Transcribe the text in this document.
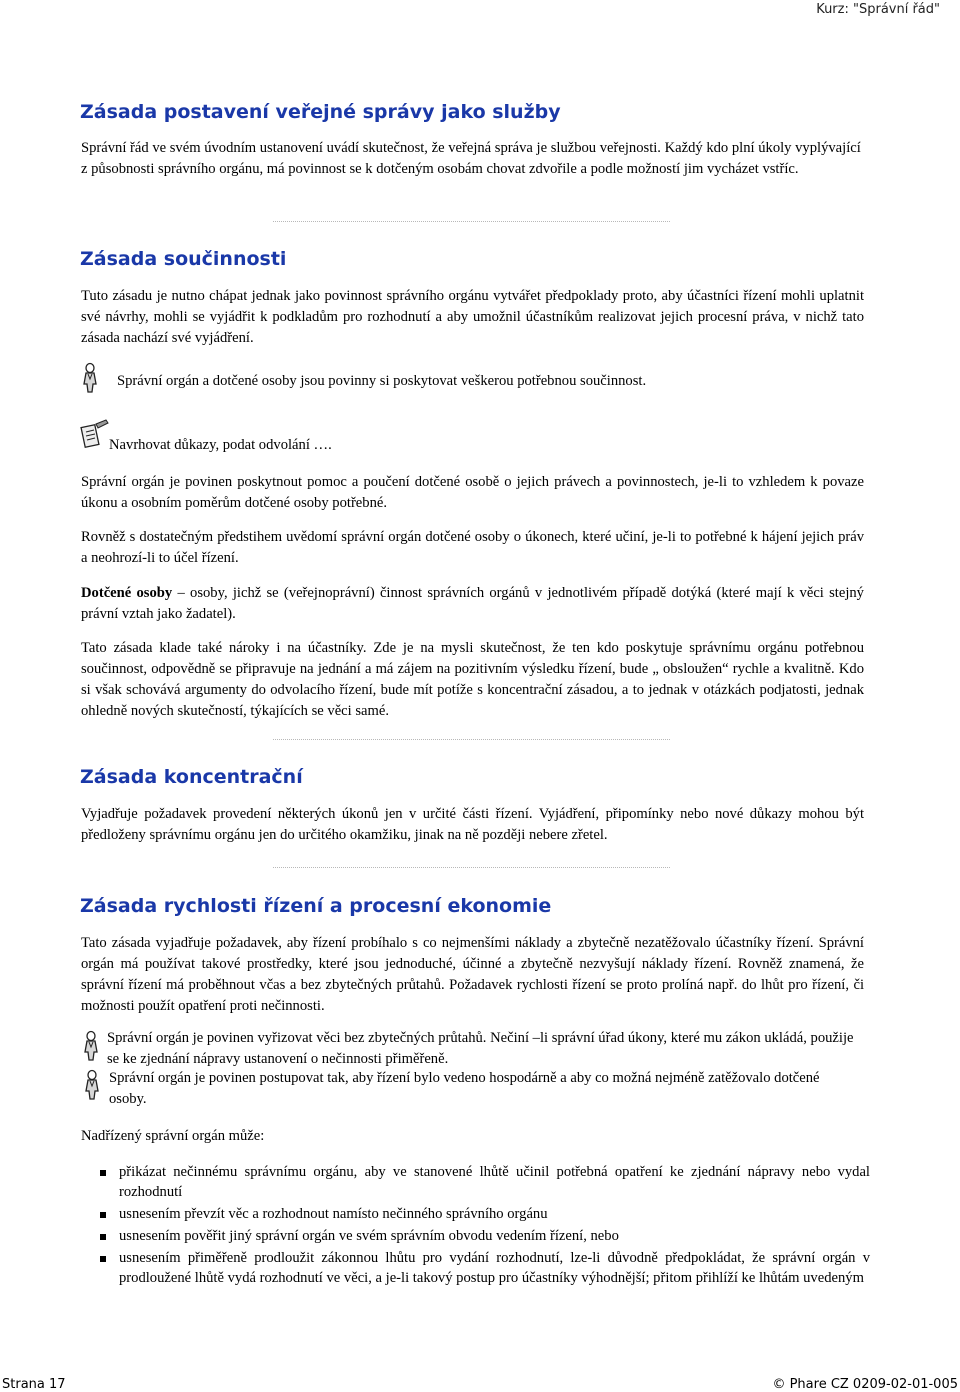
Kurz: "Správní řád"
Zásada postavení veřejné správy jako služby

Správní řád ve svém úvodním ustanovení uvádí skutečnost, že veřejná správa je službou veřejnosti. Každý kdo plní úkoly vyplývající z působnosti správního orgánu, má povinnost se k dotčeným osobám chovat zdvořile a podle možností jim vycházet vstříc.

Zásada součinnosti

Tuto zásadu je nutno chápat jednak jako povinnost správního orgánu vytvářet předpoklady proto, aby účastníci řízení mohli uplatnit své návrhy, mohli se vyjádřit k podkladům pro rozhodnutí a aby umožnil účastníkům realizovat jejich procesní práva, v nichž tato zásada nachází své vyjádření.

Správní orgán a dotčené osoby jsou povinny si poskytovat veškerou potřebnou součinnost.

Navrhovat důkazy, podat odvolání ….

Správní orgán je povinen poskytnout pomoc a poučení dotčené osobě o jejich právech a povinnostech, je-li to vzhledem k povaze úkonu a osobním poměrům dotčené osoby potřebné.

Rovněž s dostatečným předstihem uvědomí správní orgán dotčené osoby o úkonech, které učiní, je-li to potřebné k hájení jejich práv a neohrozí-li to účel řízení.

Dotčené osoby – osoby, jichž se (veřejnoprávní) činnost správních orgánů v jednotlivém případě dotýká (které mají k věci stejný právní vztah jako žadatel).

Tato zásada klade také nároky i na účastníky. Zde je na mysli skutečnost, že ten kdo poskytuje správnímu orgánu potřebnou součinnost, odpovědně se připravuje na jednání a má zájem na pozitivním výsledku řízení, bude „ obsloužen“ rychle a kvalitně. Kdo si však schovává argumenty do odvolacího řízení, bude mít potíže s koncentrační zásadou, a to jednak v otázkách podjatosti, jednak ohledně nových skutečností, týkajících se věci samé.

Zásada koncentrační

Vyjadřuje požadavek provedení některých úkonů jen v určité části řízení. Vyjádření, připomínky nebo nové důkazy mohou být předloženy správnímu orgánu jen do určitého okamžiku, jinak na ně později nebere zřetel.

Zásada rychlosti řízení a procesní ekonomie

Tato zásada vyjadřuje požadavek, aby řízení probíhalo s co nejmenšími náklady a zbytečně nezatěžovalo účastníky řízení. Správní orgán má používat takové prostředky, které jsou jednoduché, účinné a zbytečně nezvyšují náklady řízení. Rovněž znamená, že správní řízení má proběhnout včas a bez zbytečných průtahů. Požadavek rychlosti řízení se proto prolíná např. do lhůt pro řízení, či možnosti použít opatření proti nečinnosti.

Správní orgán je povinen vyřizovat věci bez zbytečných průtahů. Nečiní –li správní úřad úkony, které mu zákon ukládá, použije se ke zjednání nápravy ustanovení o nečinnosti přiměřeně.

Správní orgán je povinen postupovat tak, aby řízení bylo vedeno hospodárně a aby co možná nejméně zatěžovalo dotčené osoby.

Nadřízený správní orgán může:

přikázat nečinnému správnímu orgánu, aby ve stanovené lhůtě učinil potřebná opatření ke zjednání nápravy nebo vydal rozhodnutí
usnesením převzít věc a rozhodnout namísto nečinného správního orgánu
usnesením pověřit jiný správní orgán ve svém správním obvodu vedením řízení, nebo
usnesením přiměřeně prodloužit zákonnou lhůtu pro vydání rozhodnutí, lze-li důvodně předpokládat, že správní orgán v prodloužené lhůtě vydá rozhodnutí ve věci, a je-li takový postup pro účastníky výhodnější; přitom přihlíží ke lhůtám uvedeným
Strana 17	© Phare CZ 0209-02-01-005
